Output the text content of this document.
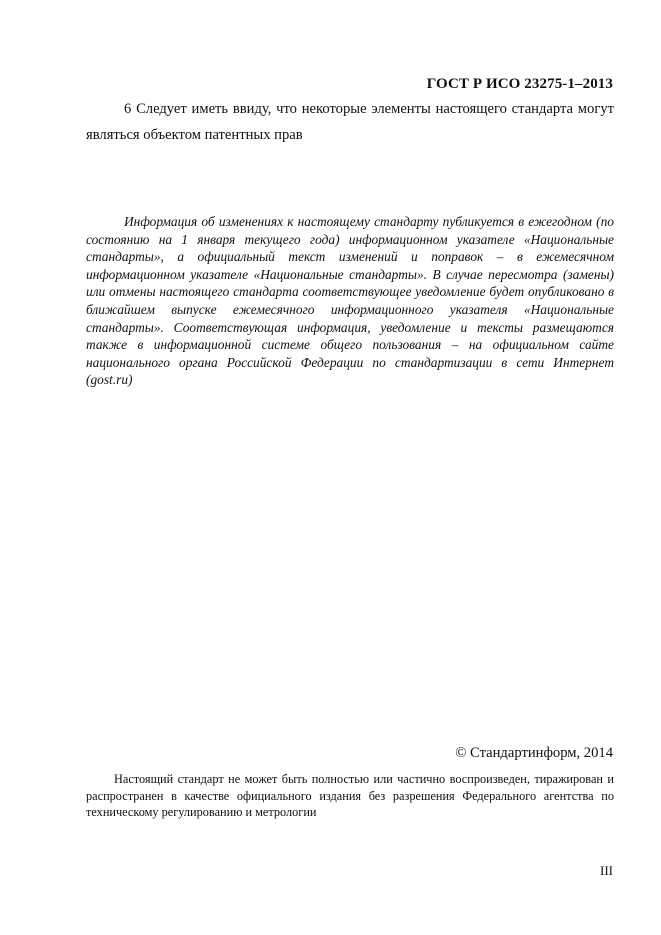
ГОСТ Р ИСО 23275-1–2013

6 Следует иметь ввиду, что некоторые элементы настоящего стандарта могут являться объектом патентных прав

Информация об изменениях к настоящему стандарту публикуется в ежегодном (по состоянию на 1 января текущего года) информационном указателе «Национальные стандарты», а официальный текст изменений и поправок – в ежемесячном информационном указателе «Национальные стандарты». В случае пересмотра (замены) или отмены настоящего стандарта соответствующее уведомление будет опубликовано в ближайшем выпуске ежемесячного информационного указателя «Национальные стандарты». Соответствующая информация, уведомление и тексты размещаются также в информационной системе общего пользования – на официальном сайте национального органа Российской Федерации по стандартизации в сети Интернет (gost.ru)

© Стандартинформ, 2014

Настоящий стандарт не может быть полностью или частично воспроизведен, тиражирован и распространен в качестве официального издания без разрешения Федерального агентства по техническому регулированию и метрологии

III
